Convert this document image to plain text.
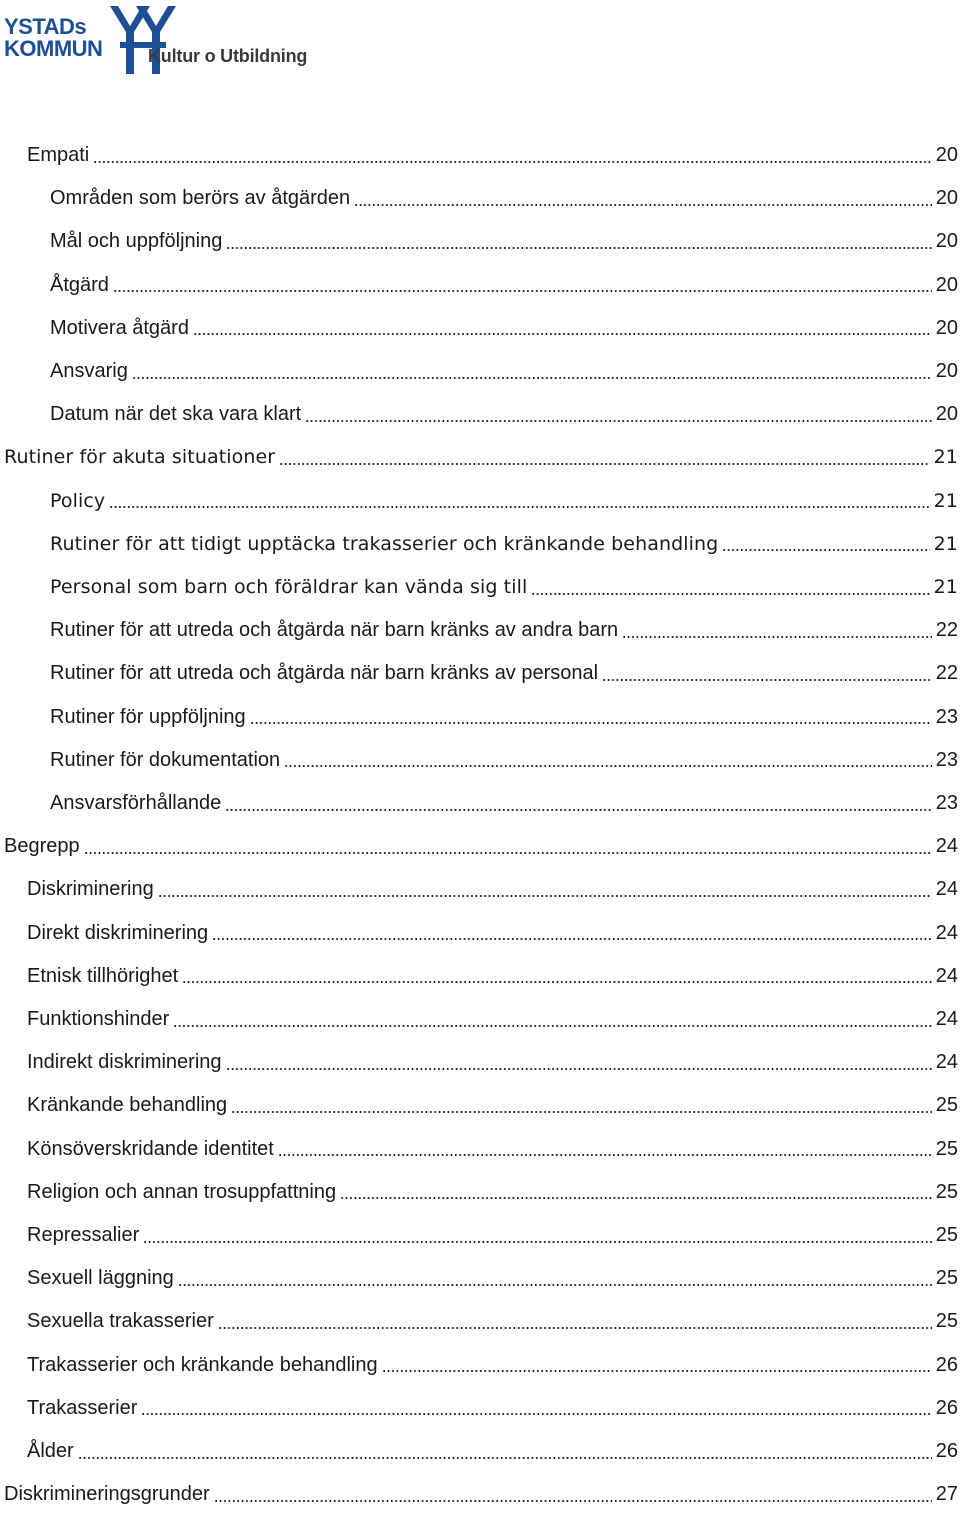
YSTADs
KOMMUN	Kultur o Utbildning
Empati	20
Områden som berörs av åtgärden	20
Mål och uppföljning	20
Åtgärd	20
Motivera åtgärd	20
Ansvarig	20
Datum när det ska vara klart	20
Rutiner för akuta situationer	21
Policy	21
Rutiner för att tidigt upptäcka trakasserier och kränkande behandling	21
Personal som barn och föräldrar kan vända sig till	21
Rutiner för att utreda och åtgärda när barn kränks av andra barn	22
Rutiner för att utreda och åtgärda när barn kränks av personal	22
Rutiner för uppföljning	23
Rutiner för dokumentation	23
Ansvarsförhållande	23
Begrepp	24
Diskriminering	24
Direkt diskriminering	24
Etnisk tillhörighet	24
Funktionshinder	24
Indirekt diskriminering	24
Kränkande behandling	25
Könsöverskridande identitet	25
Religion och annan trosuppfattning	25
Repressalier	25
Sexuell läggning	25
Sexuella trakasserier	25
Trakasserier och kränkande behandling	26
Trakasserier	26
Ålder	26
Diskrimineringsgrunder	27
